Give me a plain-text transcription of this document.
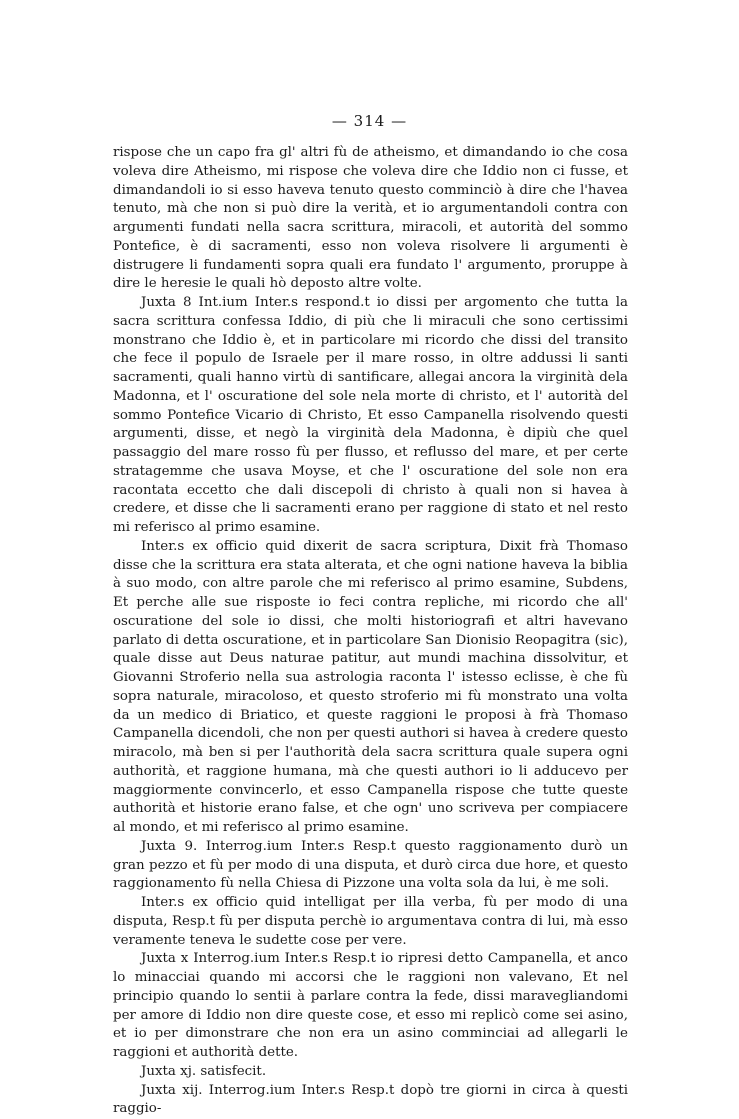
— 314 —

rispose che un capo fra gl' altri fù de atheismo, et dimandando io che cosa voleva dire Atheismo, mi rispose che voleva dire che Iddio non ci fusse, et dimandandoli io si esso haveva tenuto questo comminciò à dire che l'havea tenuto, mà che non si può dire la verità, et io argumentandoli contra con argumenti fundati nella sacra scrittura, miracoli, et autorità del sommo Pontefice, è di sacramenti, esso non voleva risolvere li argumenti è distrugere li fundamenti sopra quali era fundato l' argumento, proruppe à dire le heresie le quali hò deposto altre volte.

Juxta 8 Int.ium Inter.s respond.t io dissi per argomento che tutta la sacra scrittura confessa Iddio, di più che li miraculi che sono certissimi monstrano che Iddio è, et in particolare mi ricordo che dissi del transito che fece il populo de Israele per il mare rosso, in oltre addussi li santi sacramenti, quali hanno virtù di santificare, allegai ancora la virginità dela Madonna, et l' oscuratione del sole nela morte di christo, et l' autorità del sommo Pontefice Vicario di Christo, Et esso Campanella risolvendo questi argumenti, disse, et negò la virginità dela Madonna, è dipiù che quel passaggio del mare rosso fù per flusso, et reflusso del mare, et per certe stratagemme che usava Moyse, et che l' oscuratione del sole non era racontata eccetto che dali discepoli di christo à quali non si havea à credere, et disse che li sacramenti erano per raggione di stato et nel resto mi referisco al primo esamine.

Inter.s ex officio quid dixerit de sacra scriptura, Dixit frà Thomaso disse che la scrittura era stata alterata, et che ogni natione haveva la biblia à suo modo, con altre parole che mi referisco al primo esamine, Subdens, Et perche alle sue risposte io feci contra repliche, mi ricordo che all' oscuratione del sole io dissi, che molti historiografi et altri havevano parlato di detta oscuratione, et in particolare San Dionisio Reopagitra (sic), quale disse aut Deus naturae patitur, aut mundi machina dissolvitur, et Giovanni Stroferio nella sua astrologia raconta l' istesso eclisse, è che fù sopra naturale, miracoloso, et questo stroferio mi fù monstrato una volta da un medico di Briatico, et queste raggioni le proposi à frà Thomaso Campanella dicendoli, che non per questi authori si havea à credere questo miracolo, mà ben si per l'authorità dela sacra scrittura quale supera ogni authorità, et raggione humana, mà che questi authori io li adducevo per maggiormente convincerlo, et esso Campanella rispose che tutte queste authorità et historie erano false, et che ogn' uno scriveva per compiacere al mondo, et mi referisco al primo esamine.

Juxta 9. Interrog.ium Inter.s Resp.t questo raggionamento durò un gran pezzo et fù per modo di una disputa, et durò circa due hore, et questo raggionamento fù nella Chiesa di Pizzone una volta sola da lui, è me soli.

Inter.s ex officio quid intelligat per illa verba, fù per modo di una disputa, Resp.t fù per disputa perchè io argumentava contra di lui, mà esso veramente teneva le sudette cose per vere.

Juxta x Interrog.ium Inter.s Resp.t io ripresi detto Campanella, et anco lo minacciai quando mi accorsi che le raggioni non valevano, Et nel principio quando lo sentii à parlare contra la fede, dissi maravegliandomi per amore di Iddio non dire queste cose, et esso mi replicò come sei asino, et io per dimonstrare che non era un asino comminciai ad allegarli le raggioni et authorità dette.

Juxta xj. satisfecit.

Juxta xij. Interrog.ium Inter.s Resp.t dopò tre giorni in circa à questi raggio-
